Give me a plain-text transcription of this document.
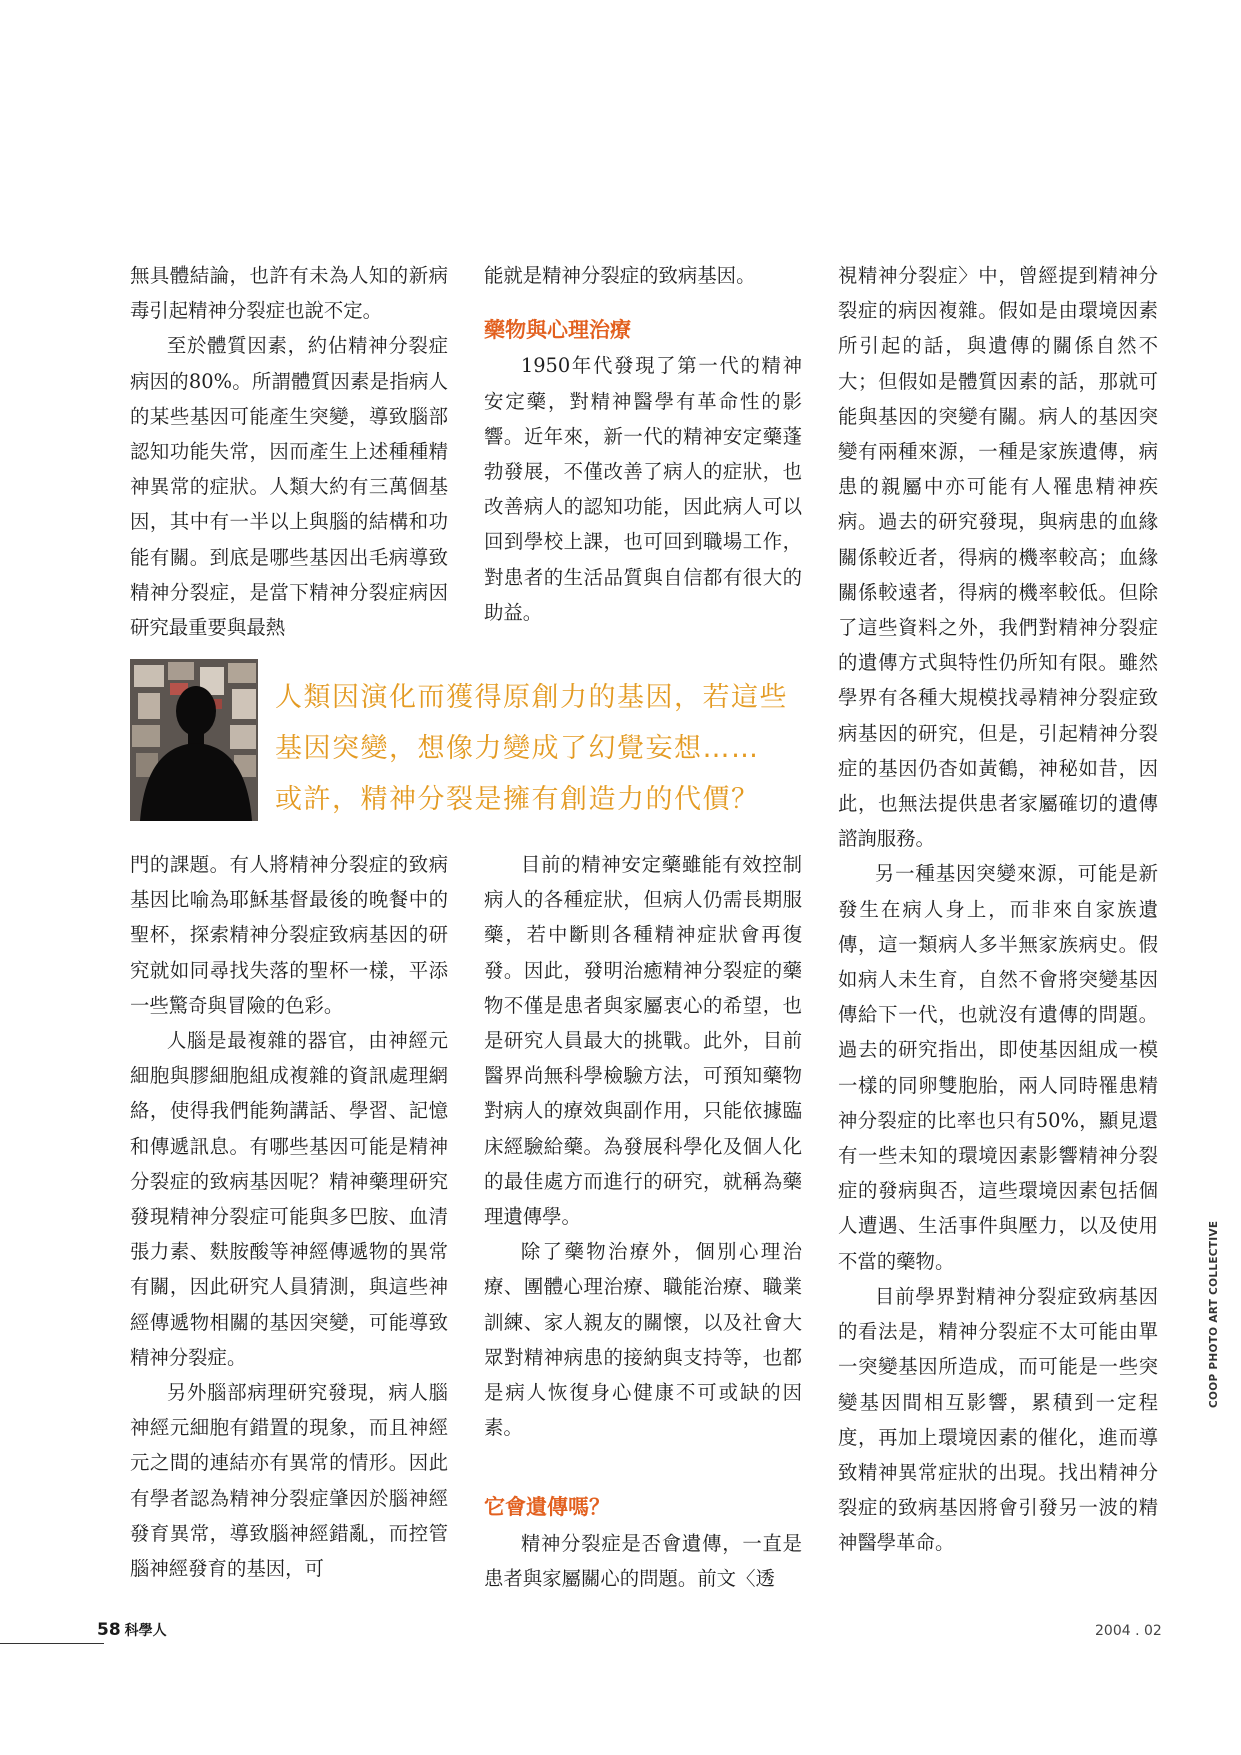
無具體結論，也許有未為人知的新病毒引起精神分裂症也說不定。

至於體質因素，約佔精神分裂症病因的80%。所謂體質因素是指病人的某些基因可能產生突變，導致腦部認知功能失常，因而產生上述種種精神異常的症狀。人類大約有三萬個基因，其中有一半以上與腦的結構和功能有關。到底是哪些基因出毛病導致精神分裂症，是當下精神分裂症病因研究最重要與最熱

能就是精神分裂症的致病基因。

藥物與心理治療

1950年代發現了第一代的精神安定藥，對精神醫學有革命性的影響。近年來，新一代的精神安定藥蓬勃發展，不僅改善了病人的症狀，也改善病人的認知功能，因此病人可以回到學校上課，也可回到職場工作，對患者的生活品質與自信都有很大的助益。

人類因演化而獲得原創力的基因，若這些
基因突變，想像力變成了幻覺妄想……
或許，精神分裂是擁有創造力的代價？

門的課題。有人將精神分裂症的致病基因比喻為耶穌基督最後的晚餐中的聖杯，探索精神分裂症致病基因的研究就如同尋找失落的聖杯一樣，平添一些驚奇與冒險的色彩。

人腦是最複雜的器官，由神經元細胞與膠細胞組成複雜的資訊處理網絡，使得我們能夠講話、學習、記憶和傳遞訊息。有哪些基因可能是精神分裂症的致病基因呢？精神藥理研究發現精神分裂症可能與多巴胺、血清張力素、麩胺酸等神經傳遞物的異常有關，因此研究人員猜測，與這些神經傳遞物相關的基因突變，可能導致精神分裂症。

另外腦部病理研究發現，病人腦神經元細胞有錯置的現象，而且神經元之間的連結亦有異常的情形。因此有學者認為精神分裂症肇因於腦神經發育異常，導致腦神經錯亂，而控管腦神經發育的基因，可

目前的精神安定藥雖能有效控制病人的各種症狀，但病人仍需長期服藥，若中斷則各種精神症狀會再復發。因此，發明治癒精神分裂症的藥物不僅是患者與家屬衷心的希望，也是研究人員最大的挑戰。此外，目前醫界尚無科學檢驗方法，可預知藥物對病人的療效與副作用，只能依據臨床經驗給藥。為發展科學化及個人化的最佳處方而進行的研究，就稱為藥理遺傳學。

除了藥物治療外，個別心理治療、團體心理治療、職能治療、職業訓練、家人親友的關懷，以及社會大眾對精神病患的接納與支持等，也都是病人恢復身心健康不可或缺的因素。

它會遺傳嗎？

精神分裂症是否會遺傳，一直是患者與家屬關心的問題。前文〈透

視精神分裂症〉中，曾經提到精神分裂症的病因複雜。假如是由環境因素所引起的話，與遺傳的關係自然不大；但假如是體質因素的話，那就可能與基因的突變有關。病人的基因突變有兩種來源，一種是家族遺傳，病患的親屬中亦可能有人罹患精神疾病。過去的研究發現，與病患的血緣關係較近者，得病的機率較高；血緣關係較遠者，得病的機率較低。但除了這些資料之外，我們對精神分裂症的遺傳方式與特性仍所知有限。雖然學界有各種大規模找尋精神分裂症致病基因的研究，但是，引起精神分裂症的基因仍杳如黃鶴，神秘如昔，因此，也無法提供患者家屬確切的遺傳諮詢服務。

另一種基因突變來源，可能是新發生在病人身上，而非來自家族遺傳，這一類病人多半無家族病史。假如病人未生育，自然不會將突變基因傳給下一代，也就沒有遺傳的問題。過去的研究指出，即使基因組成一模一樣的同卵雙胞胎，兩人同時罹患精神分裂症的比率也只有50%，顯見還有一些未知的環境因素影響精神分裂症的發病與否，這些環境因素包括個人遭遇、生活事件與壓力，以及使用不當的藥物。

目前學界對精神分裂症致病基因的看法是，精神分裂症不太可能由單一突變基因所造成，而可能是一些突變基因間相互影響，累積到一定程度，再加上環境因素的催化，進而導致精神異常症狀的出現。找出精神分裂症的致病基因將會引發另一波的精神醫學革命。

COOP PHOTO ART COLLECTIVE
58 科學人	2004 . 02
